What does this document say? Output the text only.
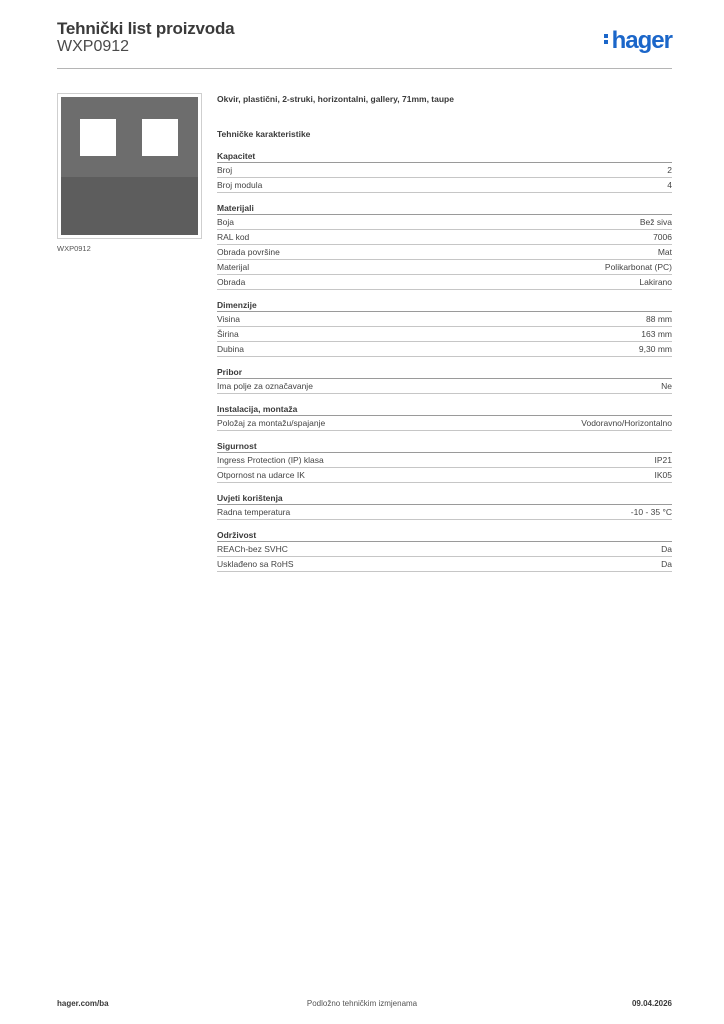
Tehnički list proizvoda
WXP0912	hager
WXP0912
Okvir, plastični, 2-struki, horizontalni, gallery, 71mm, taupe
Tehničke karakteristike
Kapacitet
Broj	2
Broj modula	4
Materijali
Boja	Bež siva
RAL kod	7006
Obrada površine	Mat
Materijal	Polikarbonat (PC)
Obrada	Lakirano
Dimenzije
Visina	88 mm
Širina	163 mm
Dubina	9,30 mm
Pribor
Ima polje za označavanje	Ne
Instalacija, montaža
Položaj za montažu/spajanje	Vodoravno/Horizontalno
Sigurnost
Ingress Protection (IP) klasa	IP21
Otpornost na udarce IK	IK05
Uvjeti korištenja
Radna temperatura	-10 - 35 °C
Održivost
REACh-bez SVHC	Da
Usklađeno sa RoHS	Da
hager.com/ba	Podložno tehničkim izmjenama	09.04.2026
